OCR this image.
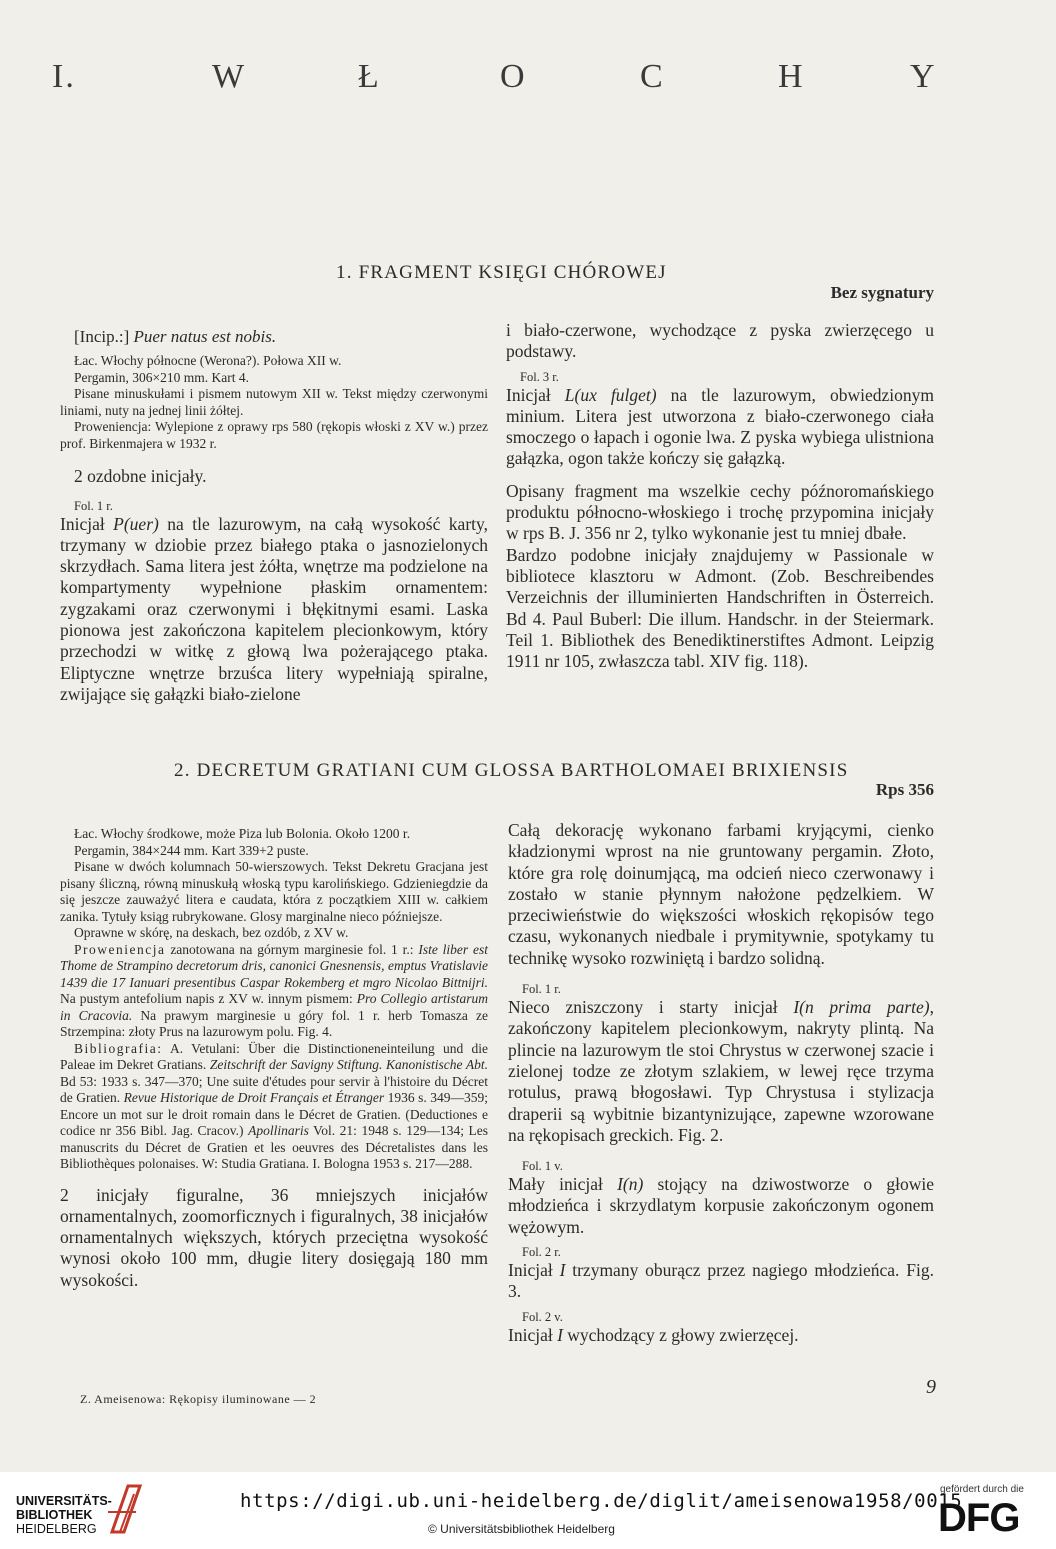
I.	W	Ł	O	C	H	Y
1. FRAGMENT KSIĘGI CHÓROWEJ
Bez sygnatury

[Incip.:] Puer natus est nobis.

Łac. Włochy północne (Werona?). Połowa XII w.

Pergamin, 306×210 mm. Kart 4.

Pisane minuskułami i pismem nutowym XII w. Tekst między czerwonymi liniami, nuty na jednej linii żółtej.

Proweniencja: Wylepione z oprawy rps 580 (rękopis włoski z XV w.) przez prof. Birkenmajera w 1932 r.

2 ozdobne inicjały.

Fol. 1 r.

Inicjał P(uer) na tle lazurowym, na całą wysokość karty, trzymany w dziobie przez białego ptaka o jasnozielonych skrzydłach. Sama litera jest żółta, wnętrze ma podzielone na kompartymenty wypełnione płaskim ornamentem: zygzakami oraz czerwonymi i błękitnymi esami. Laska pionowa jest zakończona kapitelem plecionkowym, który przechodzi w witkę z głową lwa pożerającego ptaka. Eliptyczne wnętrze brzuśca litery wypełniają spiralne, zwijające się gałązki biało-zielone

i biało-czerwone, wychodzące z pyska zwierzęcego u podstawy.

Fol. 3 r.

Inicjał L(ux fulget) na tle lazurowym, obwiedzionym minium. Litera jest utworzona z biało-czerwonego ciała smoczego o łapach i ogonie lwa. Z pyska wybiega ulistniona gałązka, ogon także kończy się gałązką.

Opisany fragment ma wszelkie cechy późnoromańskiego produktu północno-włoskiego i trochę przypomina inicjały w rps B. J. 356 nr 2, tylko wykonanie jest tu mniej dbałe.

Bardzo podobne inicjały znajdujemy w Passionale w bibliotece klasztoru w Admont. (Zob. Beschreibendes Verzeichnis der illuminierten Handschriften in Österreich. Bd 4. Paul Buberl: Die illum. Handschr. in der Steiermark. Teil 1. Bibliothek des Benediktinerstiftes Admont. Leipzig 1911 nr 105, zwłaszcza tabl. XIV fig. 118).

2. DECRETUM GRATIANI CUM GLOSSA BARTHOLOMAEI BRIXIENSIS
Rps 356

Łac. Włochy środkowe, może Piza lub Bolonia. Około 1200 r.

Pergamin, 384×244 mm. Kart 339+2 puste.

Pisane w dwóch kolumnach 50-wierszowych. Tekst Dekretu Gracjana jest pisany śliczną, równą minuskułą włoską typu karolińskiego. Gdzieniegdzie da się jeszcze zauważyć litera e caudata, która z początkiem XIII w. całkiem zanika. Tytuły ksiąg rubrykowane. Glosy marginalne nieco późniejsze.

Oprawne w skórę, na deskach, bez ozdób, z XV w.

Proweniencja zanotowana na górnym marginesie fol. 1 r.: Iste liber est Thome de Strampino decretorum dris, canonici Gnesnensis, emptus Vratislavie 1439 die 17 Ianuari presentibus Caspar Rokemberg et mgro Nicolao Bittnijri. Na pustym antefolium napis z XV w. innym pismem: Pro Collegio artistarum in Cracovia. Na prawym marginesie u góry fol. 1 r. herb Tomasza ze Strzempina: złoty Prus na lazurowym polu. Fig. 4.

Bibliografia: A. Vetulani: Über die Distinctioneneinteilung und die Paleae im Dekret Gratians. Zeitschrift der Savigny Stiftung. Kanonistische Abt. Bd 53: 1933 s. 347—370; Une suite d'études pour servir à l'histoire du Décret de Gratien. Revue Historique de Droit Français et Étranger 1936 s. 349—359; Encore un mot sur le droit romain dans le Décret de Gratien. (Deductiones e codice nr 356 Bibl. Jag. Cracov.) Apollinaris Vol. 21: 1948 s. 129—134; Les manuscrits du Décret de Gratien et les oeuvres des Décretalistes dans les Bibliothèques polonaises. W: Studia Gratiana. I. Bologna 1953 s. 217—288.

2 inicjały figuralne, 36 mniejszych inicjałów ornamentalnych, zoomorficznych i figuralnych, 38 inicjałów ornamentalnych większych, których przeciętna wysokość wynosi około 100 mm, długie litery dosięgają 180 mm wysokości.

Całą dekorację wykonano farbami kryjącymi, cienko kładzionymi wprost na nie gruntowany pergamin. Złoto, które gra rolę doinumjącą, ma odcień nieco czerwonawy i zostało w stanie płynnym nałożone pędzelkiem. W przeciwieństwie do większości włoskich rękopisów tego czasu, wykonanych niedbale i prymitywnie, spotykamy tu technikę wysoko rozwiniętą i bardzo solidną.

Fol. 1 r.

Nieco zniszczony i starty inicjał I(n prima parte), zakończony kapitelem plecionkowym, nakryty plintą. Na plincie na lazurowym tle stoi Chrystus w czerwonej szacie i zielonej todze ze złotym szlakiem, w lewej ręce trzyma rotulus, prawą błogosławi. Typ Chrystusa i stylizacja draperii są wybitnie bizantynizujące, zapewne wzorowane na rękopisach greckich. Fig. 2.

Fol. 1 v.

Mały inicjał I(n) stojący na dziwostworze o głowie młodzieńca i skrzydlatym korpusie zakończonym ogonem wężowym.

Fol. 2 r.

Inicjał I trzymany oburącz przez nagiego młodzieńca. Fig. 3.

Fol. 2 v.

Inicjał I wychodzący z głowy zwierzęcej.

9
Z. Ameisenowa: Rękopisy iluminowane — 2
UNIVERSITÄTS-
BIBLIOTHEK
HEIDELBERG
https://digi.ub.uni-heidelberg.de/diglit/ameisenowa1958/0015
© Universitätsbibliothek Heidelberg
gefördert durch die
DFG
